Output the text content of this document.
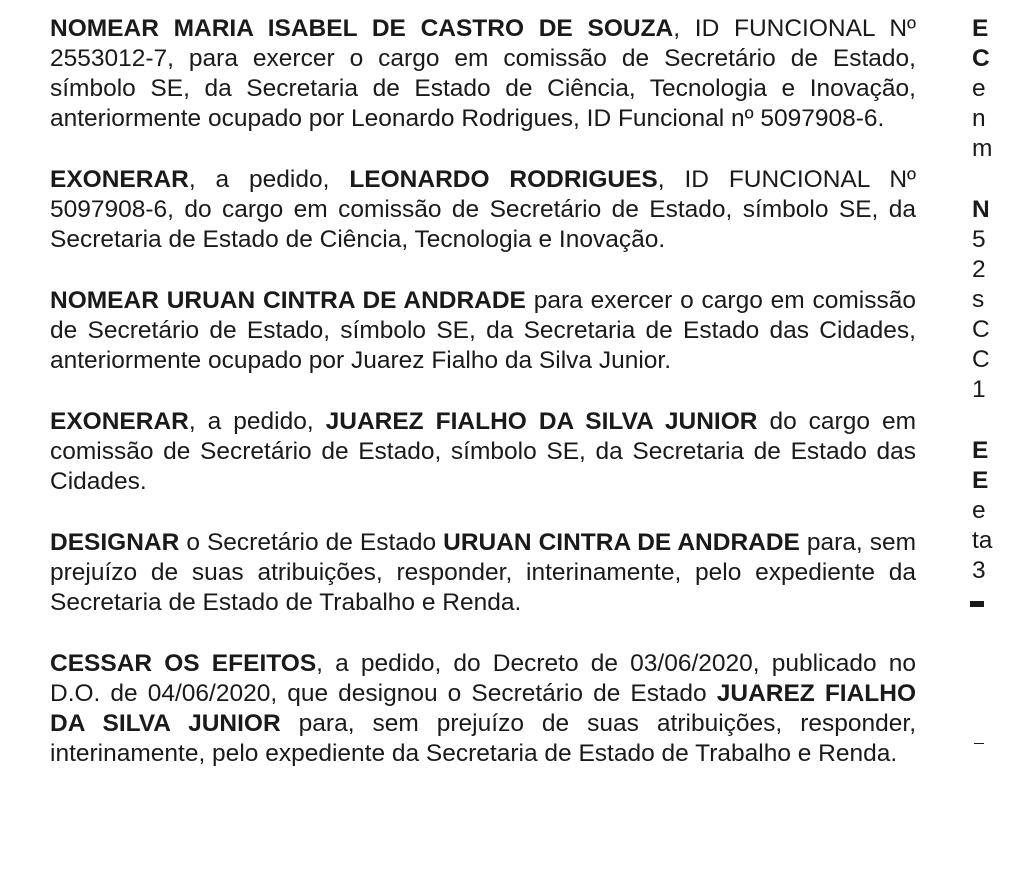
NOMEAR MARIA ISABEL DE CASTRO DE SOUZA, ID FUNCIONAL Nº 2553012-7, para exercer o cargo em comissão de Secretário de Estado, símbolo SE, da Secretaria de Estado de Ciência, Tecnologia e Inovação, anteriormente ocupado por Leonardo Rodrigues, ID Funcional nº 5097908-6.

EXONERAR, a pedido, LEONARDO RODRIGUES, ID FUNCIONAL Nº 5097908-6, do cargo em comissão de Secretário de Estado, símbolo SE, da Secretaria de Estado de Ciência, Tecnologia e Inovação.

NOMEAR URUAN CINTRA DE ANDRADE para exercer o cargo em comissão de Secretário de Estado, símbolo SE, da Secretaria de Estado das Cidades, anteriormente ocupado por Juarez Fialho da Silva Junior.

EXONERAR, a pedido, JUAREZ FIALHO DA SILVA JUNIOR do cargo em comissão de Secretário de Estado, símbolo SE, da Secretaria de Estado das Cidades.

DESIGNAR o Secretário de Estado URUAN CINTRA DE ANDRADE para, sem prejuízo de suas atribuições, responder, interinamente, pelo expediente da Secretaria de Estado de Trabalho e Renda.

CESSAR OS EFEITOS, a pedido, do Decreto de 03/06/2020, publicado no D.O. de 04/06/2020, que designou o Secretário de Estado JUAREZ FIALHO DA SILVA JUNIOR para, sem prejuízo de suas atribuições, responder, interinamente, pelo expediente da Secretaria de Estado de Trabalho e Renda.

E
C
e
n
m
N
5
2
s
C
C
1
E
E
e
ta
3
